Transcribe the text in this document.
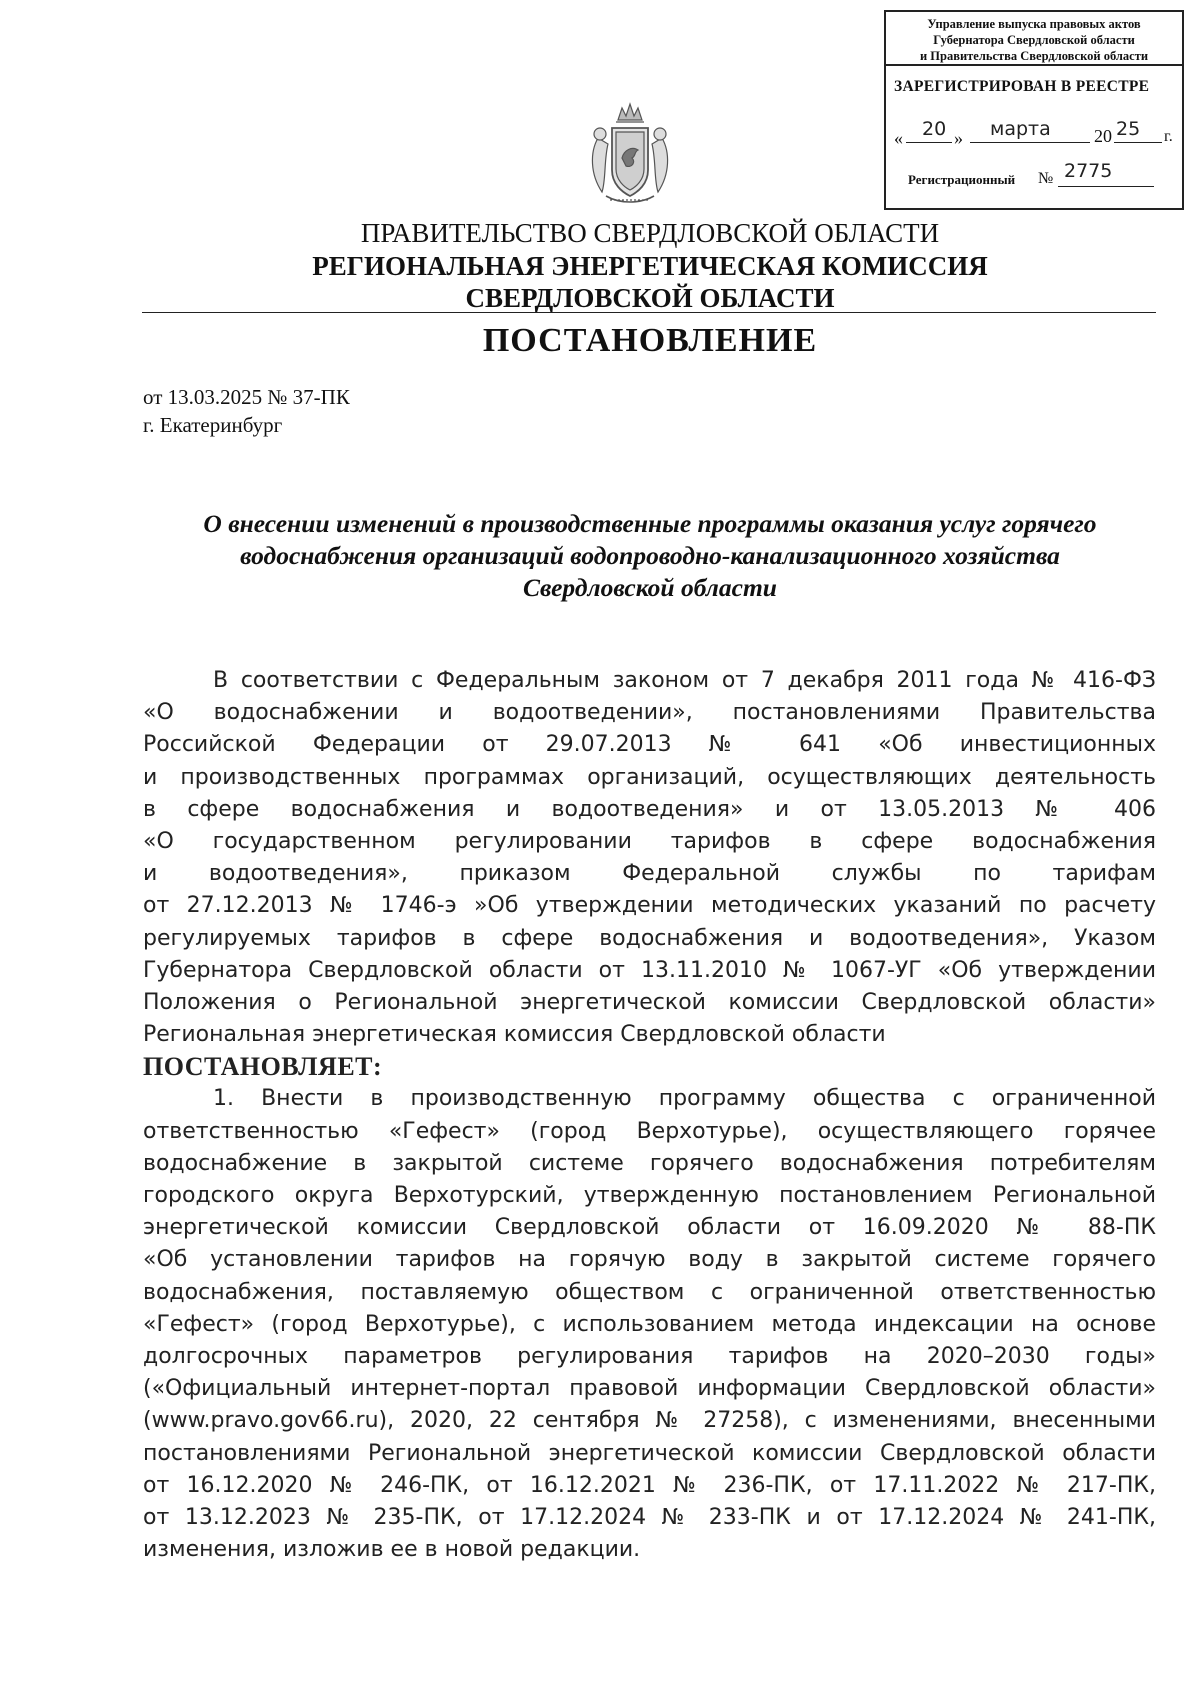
Управление выпуска правовых актов
Губернатора Свердловской области
и Правительства Свердловской области
ЗАРЕГИСТРИРОВАН В РЕЕСТРЕ
« 20 » марта 20 25 г.
Регистрационный № 2775
ПРАВИТЕЛЬСТВО СВЕРДЛОВСКОЙ ОБЛАСТИ
РЕГИОНАЛЬНАЯ ЭНЕРГЕТИЧЕСКАЯ КОМИССИЯ
СВЕРДЛОВСКОЙ ОБЛАСТИ
ПОСТАНОВЛЕНИЕ
от 13.03.2025 № 37-ПК
г. Екатеринбург
О внесении изменений в производственные программы оказания услуг горячего
водоснабжения организаций водопроводно-канализационного хозяйства
Свердловской области
В соответствии с Федеральным законом от 7 декабря 2011 года № 416-ФЗ
«О водоснабжении и водоотведении», постановлениями Правительства
Российской Федерации от 29.07.2013 № 641 «Об инвестиционных
и производственных программах организаций, осуществляющих деятельность
в сфере водоснабжения и водоотведения» и от 13.05.2013 № 406
«О государственном регулировании тарифов в сфере водоснабжения
и водоотведения», приказом Федеральной службы по тарифам
от 27.12.2013 № 1746-э »Об утверждении методических указаний по расчету
регулируемых тарифов в сфере водоснабжения и водоотведения», Указом
Губернатора Свердловской области от 13.11.2010 № 1067-УГ «Об утверждении
Положения о Региональной энергетической комиссии Свердловской области»
Региональная энергетическая комиссия Свердловской области
ПОСТАНОВЛЯЕТ:
1. Внести в производственную программу общества с ограниченной
ответственностью «Гефест» (город Верхотурье), осуществляющего горячее
водоснабжение в закрытой системе горячего водоснабжения потребителям
городского округа Верхотурский, утвержденную постановлением Региональной
энергетической комиссии Свердловской области от 16.09.2020 № 88-ПК
«Об установлении тарифов на горячую воду в закрытой системе горячего
водоснабжения, поставляемую обществом с ограниченной ответственностью
«Гефест» (город Верхотурье), с использованием метода индексации на основе
долгосрочных параметров регулирования тарифов на 2020–2030 годы»
(«Официальный интернет-портал правовой информации Свердловской области»
(www.pravo.gov66.ru), 2020, 22 сентября № 27258), с изменениями, внесенными
постановлениями Региональной энергетической комиссии Свердловской области
от 16.12.2020 № 246-ПК, от 16.12.2021 № 236-ПК, от 17.11.2022 № 217-ПК,
от 13.12.2023 № 235-ПК, от 17.12.2024 № 233-ПК и от 17.12.2024 № 241-ПК,
изменения, изложив ее в новой редакции.
